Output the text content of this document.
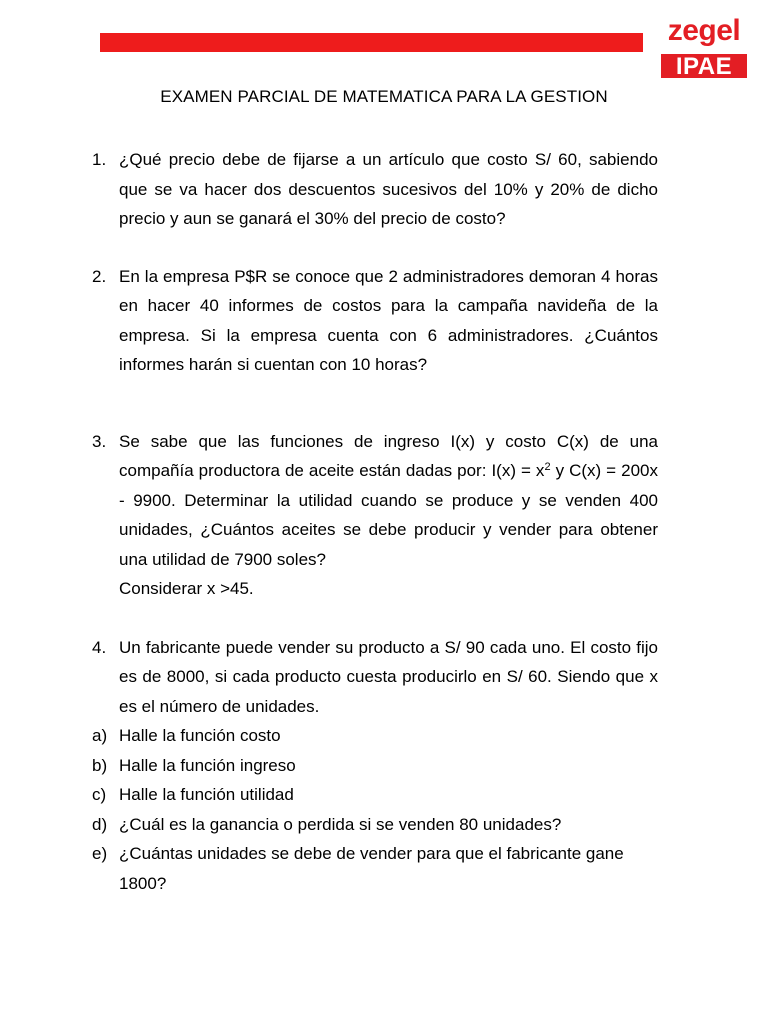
zegel
IPAE
EXAMEN PARCIAL DE MATEMATICA PARA LA GESTION
1. ¿Qué precio debe de fijarse a un artículo que costo S/ 60, sabiendo que se va hacer dos descuentos sucesivos del 10% y 20% de dicho precio y aun se ganará el 30% del precio de costo?
2. En la empresa P$R se conoce que 2 administradores demoran 4 horas en hacer 40 informes de costos para la campaña navideña de la empresa. Si la empresa cuenta con 6 administradores. ¿Cuántos informes harán si cuentan con 10 horas?
3. Se sabe que las funciones de ingreso I(x) y costo C(x) de una compañía productora de aceite están dadas por: $I(x) = x^2$ y C(x) = 200x - 9900. Determinar la utilidad cuando se produce y se venden 400 unidades, ¿Cuántos aceites se debe producir y vender para obtener una utilidad de 7900 soles?
Considerar x >45.
4. Un fabricante puede vender su producto a S/ 90 cada uno. El costo fijo es de 8000, si cada producto cuesta producirlo en S/ 60. Siendo que x es el número de unidades.
a) Halle la función costo
b) Halle la función ingreso
c) Halle la función utilidad
d) ¿Cuál es la ganancia o perdida si se venden 80 unidades?
e) ¿Cuántas unidades se debe de vender para que el fabricante gane 1800?
